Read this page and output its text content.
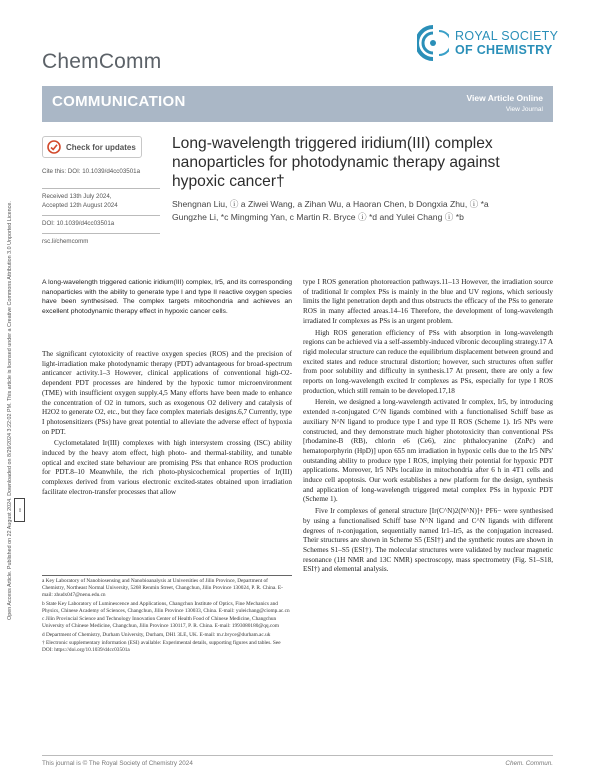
Open Access Article. Published on 22 August 2024. Downloaded on 8/29/2024 3:22:02 PM. This article is licensed under a Creative Commons Attribution 3.0 Unported Licence.	cc
ROYAL SOCIETY
OF CHEMISTRY
ChemComm
COMMUNICATION	View Article Online
View Journal
Check for updates
Cite this: DOI: 10.1039/d4cc03501a
Received 13th July 2024,
Accepted 12th August 2024
DOI: 10.1039/d4cc03501a
rsc.li/chemcomm
Long-wavelength triggered iridium(III) complex nanoparticles for photodynamic therapy against hypoxic cancer†
Shengnan Liu, ⓘ a Ziwei Wang, a Zihan Wu, a Haoran Chen, b Dongxia Zhu, ⓘ *a
Gungzhe Li, *c Mingming Yan, c Martin R. Bryce ⓘ *d and Yulei Chang ⓘ *b
A long-wavelength triggered cationic iridium(III) complex, Ir5, and its corresponding nanoparticles with the ability to generate type I and type II reactive oxygen species have been synthesised. The complex targets mitochondria and achieves an excellent photodynamic therapy effect in hypoxic cancer cells.

The significant cytotoxicity of reactive oxygen species (ROS) and the precision of light-irradiation make photodynamic therapy (PDT) advantageous for broad-spectrum anticancer activity.1–3 However, clinical applications of conventional high-O2-dependent PDT processes are hindered by the hypoxic tumor microenvironment (TME) with insufficient oxygen supply.4,5 Many efforts have been made to enhance the concentration of O2 in tumors, such as exogenous O2 delivery and catalysis of H2O2 to generate O2, etc., but they face complex materials designs.6,7 Currently, type I photosensitizers (PSs) have great potential to alleviate the adverse effect of hypoxia on PDT.

Cyclometalated Ir(III) complexes with high intersystem crossing (ISC) ability induced by the heavy atom effect, high photo- and thermal-stability, and tunable optical and excited state behaviour are promising PSs that enhance ROS production for PDT.8–10 Meanwhile, the rich photo-physicochemical properties of Ir(III) complexes derived from various electronic excited-states obtained upon irradiation facilitate electron-transfer processes that allow

a Key Laboratory of Nanobiosensing and Nanobioanalysis at Universities of Jilin Province, Department of Chemistry, Northeast Normal University, 5268 Renmin Street, Changchun, Jilin Province 130024, P. R. China. E-mail: zhudx047@nenu.edu.cn

b State Key Laboratory of Luminescence and Applications, Changchun Institute of Optics, Fine Mechanics and Physics, Chinese Academy of Sciences, Changchun, Jilin Province 130033, China. E-mail: yuleichang@ciomp.ac.cn

c Jilin Provincial Science and Technology Innovation Center of Health Food of Chinese Medicine, Changchun University of Chinese Medicine, Changchun, Jilin Province 130117, P. R. China. E-mail: 1993080180@qq.com

d Department of Chemistry, Durham University, Durham, DH1 3LE, UK. E-mail: m.r.bryce@durham.ac.uk

† Electronic supplementary information (ESI) available: Experimental details, supporting figures and tables. See DOI: https://doi.org/10.1039/d4cc03501a

type I ROS generation photoreaction pathways.11–13 However, the irradiation source of traditional Ir complex PSs is mainly in the blue and UV regions, which seriously limits the light penetration depth and thus obstructs the efficacy of the PSs to generate ROS in many affected areas.14–16 Therefore, the development of long-wavelength irradiated Ir complexes as PSs is an urgent problem.

High ROS generation efficiency of PSs with absorption in long-wavelength regions can be achieved via a self-assembly-induced vibronic decoupling strategy.17 A rigid molecular structure can reduce the equilibrium displacement between ground and excited states and reduce structural distortion; however, such structures often suffer from poor solubility and difficulty in synthesis.17 At present, there are only a few reports on long-wavelength excited Ir complexes as PSs, especially for type I ROS production, which still remain to be developed.17,18

Herein, we designed a long-wavelength activated Ir complex, Ir5, by introducing extended π-conjugated C^N ligands combined with a functionalised Schiff base as auxiliary N^N ligand to produce type I and type II ROS (Scheme 1). Ir5 NPs were constructed, and they demonstrate much higher phototoxicity than conventional PSs [rhodamine-B (RB), chlorin e6 (Ce6), zinc phthalocyanine (ZnPc) and hematoporphyrin (HpD)] upon 655 nm irradiation in hypoxic cells due to the Ir5 NPs' outstanding ability to produce type I ROS, implying their potential for hypoxic PDT applications. Moreover, Ir5 NPs localize in mitochondria after 6 h in 4T1 cells and induce cell apoptosis. Our work establishes a new platform for the design, synthesis and application of long-wavelength triggered metal complex PSs in hypoxic PDT (Scheme 1).

Five Ir complexes of general structure [Ir(C^N)2(N^N)]+ PF6− were synthesised by using a functionalised Schiff base N^N ligand and C^N ligands with different degrees of π-conjugation, sequentially named Ir1–Ir5, as the conjugation increased. Their structures are shown in Scheme S5 (ESI†) and the synthetic routes are shown in Schemes S1–S5 (ESI†). The molecular structures were validated by nuclear magnetic resonance (1H NMR and 13C NMR) spectroscopy, mass spectrometry (Fig. S1–S18, ESI†) and elemental analysis.

This journal is © The Royal Society of Chemistry 2024	Chem. Commun.
